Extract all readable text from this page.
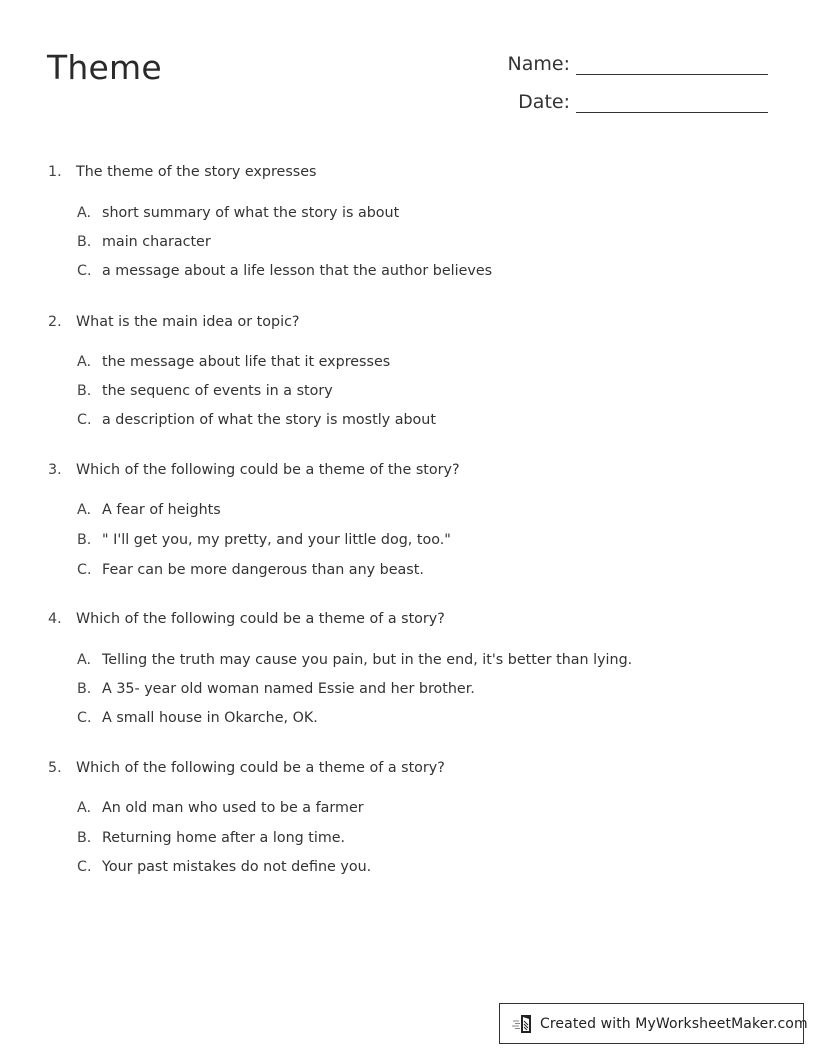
Theme	Name:
Date:
1. The theme of the story expresses
A. short summary of what the story is about
B. main character
C. a message about a life lesson that the author believes
2. What is the main idea or topic?
A. the message about life that it expresses
B. the sequenc of events in a story
C. a description of what the story is mostly about
3. Which of the following could be a theme of the story?
A. A fear of heights
B. " I'll get you, my pretty, and your little dog, too."
C. Fear can be more dangerous than any beast.
4. Which of the following could be a theme of a story?
A. Telling the truth may cause you pain, but in the end, it's better than lying.
B. A 35- year old woman named Essie and her brother.
C. A small house in Okarche, OK.
5. Which of the following could be a theme of a story?
A. An old man who used to be a farmer
B. Returning home after a long time.
C. Your past mistakes do not define you.
Created with MyWorksheetMaker.com
